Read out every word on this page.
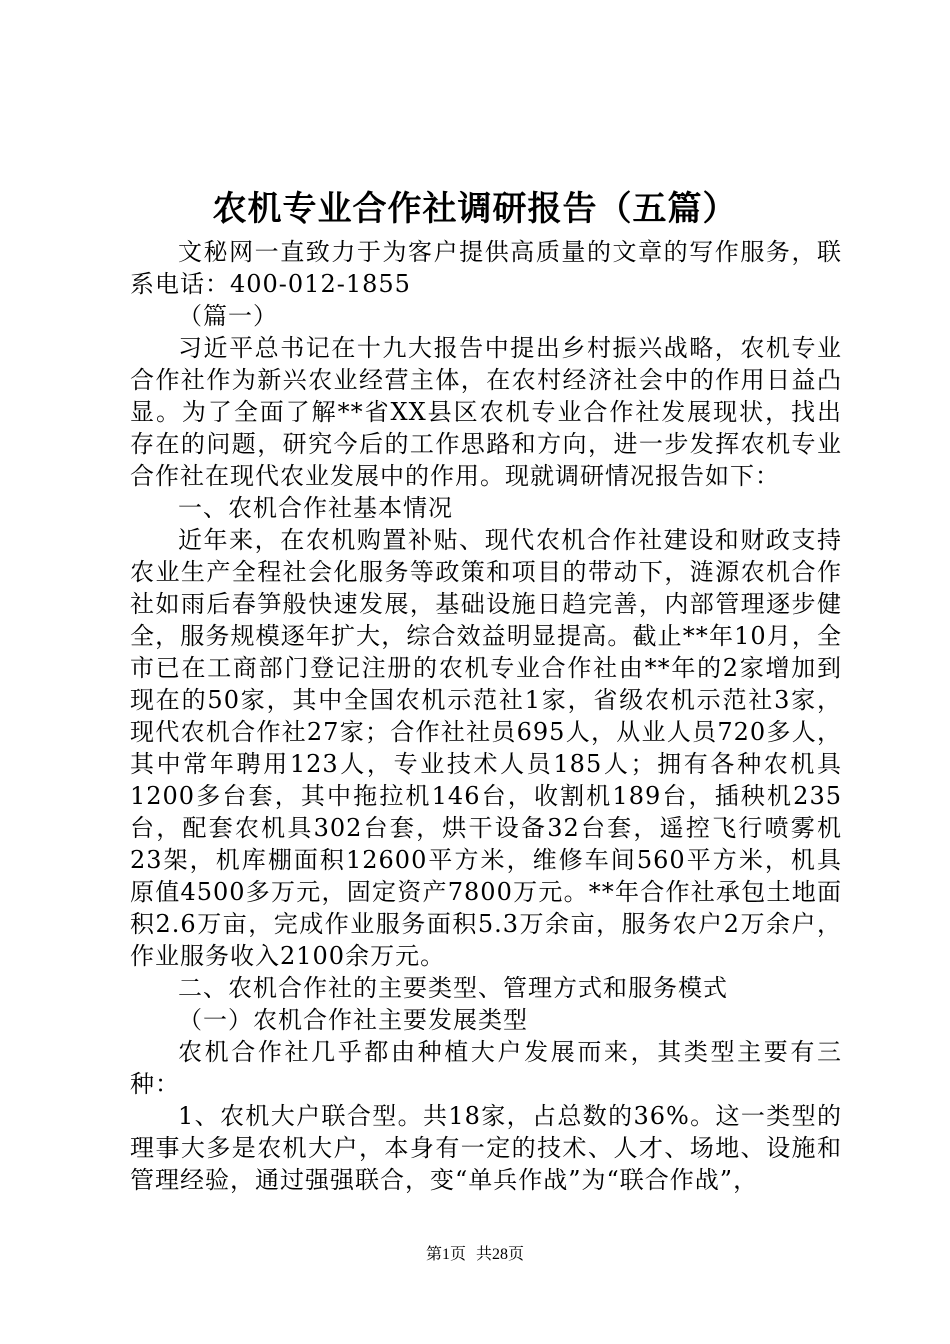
农机专业合作社调研报告（五篇）

文秘网一直致力于为客户提供高质量的文章的写作服务，联系电话：400-012-1855

（篇一）

习近平总书记在十九大报告中提出乡村振兴战略，农机专业合作社作为新兴农业经营主体，在农村经济社会中的作用日益凸显。为了全面了解**省XX县区农机专业合作社发展现状，找出存在的问题，研究今后的工作思路和方向，进一步发挥农机专业合作社在现代农业发展中的作用。现就调研情况报告如下：

一、农机合作社基本情况

近年来，在农机购置补贴、现代农机合作社建设和财政支持农业生产全程社会化服务等政策和项目的带动下，涟源农机合作社如雨后春笋般快速发展，基础设施日趋完善，内部管理逐步健全，服务规模逐年扩大，综合效益明显提高。截止**年10月，全市已在工商部门登记注册的农机专业合作社由**年的2家增加到现在的50家，其中全国农机示范社1家，省级农机示范社3家，现代农机合作社27家；合作社社员695人，从业人员720多人，其中常年聘用123人，专业技术人员185人；拥有各种农机具1200多台套，其中拖拉机146台，收割机189台，插秧机235台，配套农机具302台套，烘干设备32台套，遥控飞行喷雾机23架，机库棚面积12600平方米，维修车间560平方米，机具原值4500多万元，固定资产7800万元。**年合作社承包土地面积2.6万亩，完成作业服务面积5.3万余亩，服务农户2万余户，作业服务收入2100余万元。

二、农机合作社的主要类型、管理方式和服务模式

（一）农机合作社主要发展类型

农机合作社几乎都由种植大户发展而来，其类型主要有三种：

1、农机大户联合型。共18家，占总数的36%。这一类型的理事大多是农机大户，本身有一定的技术、人才、场地、设施和管理经验，通过强强联合，变“单兵作战”为“联合作战”，

第1页 共28页
